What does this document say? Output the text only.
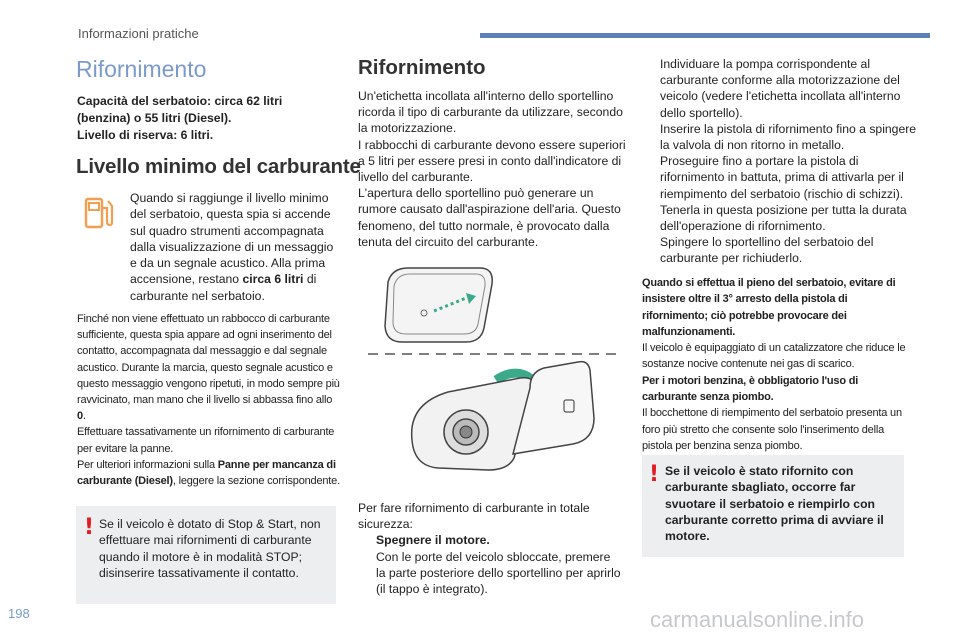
Informazioni pratiche
Rifornimento
Capacità del serbatoio: circa 62 litri (benzina) o 55 litri (Diesel).
Livello di riserva: 6 litri.
Livello minimo del carburante
Quando si raggiunge il livello minimo del serbatoio, questa spia si accende sul quadro strumenti accompagnata dalla visualizzazione di un messaggio e da un segnale acustico. Alla prima accensione, restano circa 6 litri di carburante nel serbatoio.
Finché non viene effettuato un rabbocco di carburante sufficiente, questa spia appare ad ogni inserimento del contatto, accompagnata dal messaggio e dal segnale acustico. Durante la marcia, questo segnale acustico e questo messaggio vengono ripetuti, in modo sempre più ravvicinato, man mano che il livello si abbassa fino allo 0.
Effettuare tassativamente un rifornimento di carburante per evitare la panne.
Per ulteriori informazioni sulla Panne per mancanza di carburante (Diesel), leggere la sezione corrispondente.
! Se il veicolo è dotato di Stop & Start, non effettuare mai rifornimenti di carburante quando il motore è in modalità STOP; disinserire tassativamente il contatto.
Rifornimento

Un'etichetta incollata all'interno dello sportellino ricorda il tipo di carburante da utilizzare, secondo la motorizzazione.

I rabbocchi di carburante devono essere superiori a 5 litri per essere presi in conto dall'indicatore di livello del carburante.

L'apertura dello sportellino può generare un rumore causato dall'aspirazione dell'aria. Questo fenomeno, del tutto normale, è provocato dalla tenuta del circuito del carburante.

Per fare rifornimento di carburante in totale sicurezza:
Spegnere il motore.
Con le porte del veicolo sbloccate, premere la parte posteriore dello sportellino per aprirlo (il tappo è integrato).
Individuare la pompa corrispondente al carburante conforme alla motorizzazione del veicolo (vedere l'etichetta incollata all'interno dello sportello).
Inserire la pistola di rifornimento fino a spingere la valvola di non ritorno in metallo.
Proseguire fino a portare la pistola di rifornimento in battuta, prima di attivarla per il riempimento del serbatoio (rischio di schizzi).
Tenerla in questa posizione per tutta la durata dell'operazione di rifornimento.
Spingere lo sportellino del serbatoio del carburante per richiuderlo.
Quando si effettua il pieno del serbatoio, evitare di insistere oltre il 3° arresto della pistola di rifornimento; ciò potrebbe provocare dei malfunzionamenti.
Il veicolo è equipaggiato di un catalizzatore che riduce le sostanze nocive contenute nei gas di scarico.
Per i motori benzina, è obbligatorio l'uso di carburante senza piombo.
Il bocchettone di riempimento del serbatoio presenta un foro più stretto che consente solo l'inserimento della pistola per benzina senza piombo.
! Se il veicolo è stato rifornito con carburante sbagliato, occorre far svuotare il serbatoio e riempirlo con carburante corretto prima di avviare il motore.
198	carmanualsonline.info
